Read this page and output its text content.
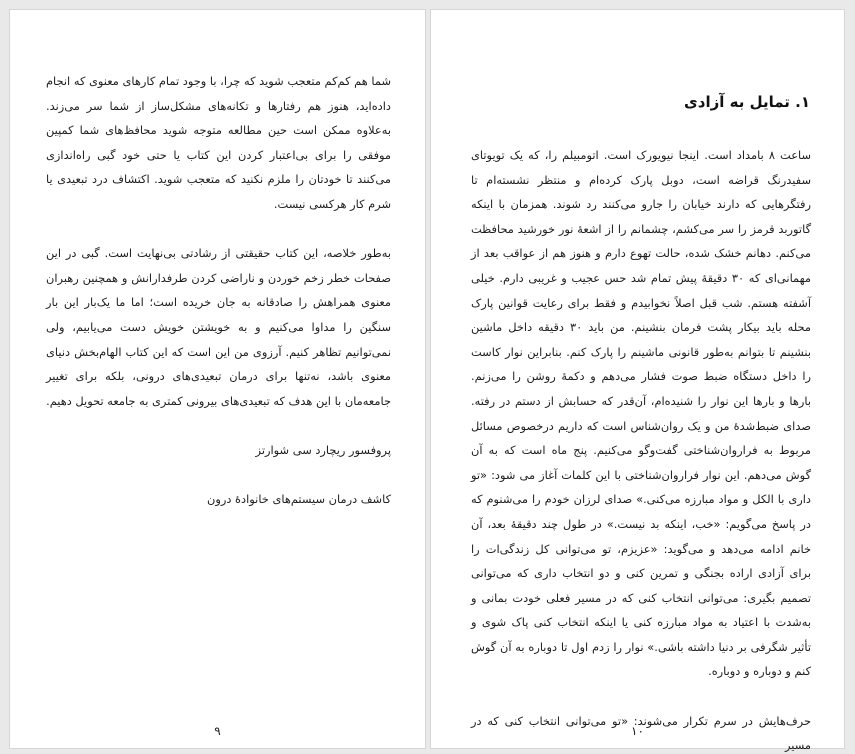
شما هم کم‌کم متعجب شوید که چرا، با وجود تمام کارهای معنوی که انجام داده‌اید، هنوز هم رفتارها و تکانه‌های مشکل‌ساز از شما سر می‌زند. به‌علاوه ممکن است حین مطالعه متوجه شوید محافظ‌های شما کمپین موفقی را برای بی‌اعتبار کردن این کتاب یا حتی خود گبی راه‌اندازی می‌کنند تا خودتان را ملزم نکنید که متعجب شوید. اکتشاف درد تبعیدی یا شرم کار هرکسی نیست.

به‌طور خلاصه، این کتاب حقیقتی از رشادتی بی‌نهایت است. گبی در این صفحات خطر زخم خوردن و ناراضی کردن طرفدارانش و همچنین رهبران معنوی همراهش را صادقانه به جان خریده است؛ اما ما یک‌بار این بار سنگین را مداوا می‌کنیم و به خویشتن خویش دست می‌یابیم، ولی نمی‌توانیم تظاهر کنیم. آرزوی من این است که این کتاب الهام‌بخش دنیای معنوی باشد، نه‌تنها برای درمان تبعیدی‌های درونی، بلکه برای تغییر جامعه‌مان با این هدف که تبعیدی‌های بیرونی کمتری به جامعه تحویل دهیم.

پروفسور ریچارد سی شوارتز

کاشف درمان سیستم‌های خانوادهٔ درون

۹
۱. تمایل به آزادی

ساعت ۸ بامداد است. اینجا نیویورک است. اتومبیلم را، که یک تویوتای سفیدرنگ قراضه است، دوبل پارک کرده‌ام و منتظر نشسته‌ام تا رفتگرهایی که دارند خیابان را جارو می‌کنند رد شوند. همزمان با اینکه گاتوربد قرمز را سر می‌کشم، چشمانم را از اشعهٔ نور خورشید محافظت می‌کنم. دهانم خشک شده، حالت تهوع دارم و هنوز هم از عواقب بعد از مهمانی‌ای که ۳۰ دقیقهٔ پیش تمام شد حس عجیب و غریبی دارم. خیلی آشفته هستم. شب قبل اصلاً نخوابیدم و فقط برای رعایت قوانین پارک محله باید بیکار پشت فرمان بنشینم. من باید ۳۰ دقیقه داخل ماشین بنشینم تا بتوانم به‌طور قانونی ماشینم را پارک کنم. بنابراین نوار کاست را داخل دستگاه ضبط صوت فشار می‌دهم و دکمهٔ روشن را می‌زنم. بارها و بارها این نوار را شنیده‌ام، آن‌قدر که حسابش از دستم در رفته. صدای ضبط‌شدهٔ من و یک روان‌شناس است که داریم درخصوص مسائل مربوط به فراروان‌شناختی گفت‌وگو می‌کنیم. پنج ماه است که به آن گوش می‌دهم. این نوار فراروان‌شناختی با این کلمات آغاز می شود: «تو داری با الکل و مواد مبارزه می‌کنی.» صدای لرزان خودم را می‌شنوم که در پاسخ می‌گویم: «خب، اینکه بد نیست.» در طول چند دقیقهٔ بعد، آن خانم ادامه می‌دهد و می‌گوید: «عزیزم، تو می‌توانی کل زندگی‌ات را برای آزادی اراده بجنگی و تمرین کنی و دو انتخاب داری که می‌توانی تصمیم بگیری: می‌توانی انتخاب کنی که در مسیر فعلی خودت بمانی و به‌شدت با اعتیاد به مواد مبارزه کنی یا اینکه انتخاب کنی پاک شوی و تأثیر شگرفی بر دنیا داشته باشی.» نوار را زدم اول تا دوباره به آن گوش کنم و دوباره و دوباره.

حرف‌هایش در سرم تکرار می‌شوند: «تو می‌توانی انتخاب کنی که در مسیر

۱۰
